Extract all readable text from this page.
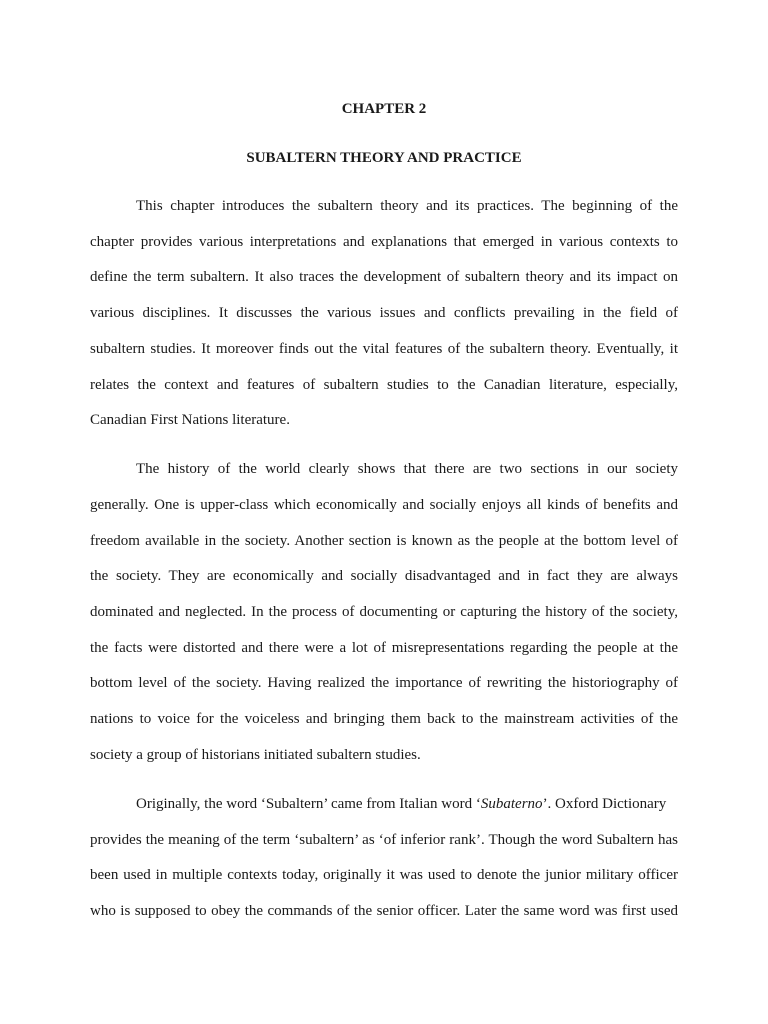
CHAPTER 2

SUBALTERN THEORY AND PRACTICE

This chapter introduces the subaltern theory and its practices. The beginning of the

chapter provides various interpretations and explanations that emerged in various contexts to

define the term subaltern. It also traces the development of subaltern theory and its impact on

various disciplines. It discusses the various issues and conflicts prevailing in the field of

subaltern studies. It moreover finds out the vital features of the subaltern theory. Eventually, it

relates the context and features of subaltern studies to the Canadian literature, especially,

Canadian First Nations literature.

The history of the world clearly shows that there are two sections in our society

generally. One is upper-class which economically and socially enjoys all kinds of benefits and

freedom available in the society. Another section is known as the people at the bottom level of

the society. They are economically and socially disadvantaged and in fact they are always

dominated and neglected. In the process of documenting or capturing the history of the society,

the facts were distorted and there were a lot of misrepresentations regarding the people at the

bottom level of the society. Having realized the importance of rewriting the historiography of

nations to voice for the voiceless and bringing them back to the mainstream activities of the

society a group of historians initiated subaltern studies.

Originally, the word ‘Subaltern’ came from Italian word ‘Subaterno’. Oxford Dictionary

provides the meaning of the term ‘subaltern’ as ‘of inferior rank’. Though the word Subaltern has

been used in multiple contexts today, originally it was used to denote the junior military officer

who is supposed to obey the commands of the senior officer. Later the same word was first used
